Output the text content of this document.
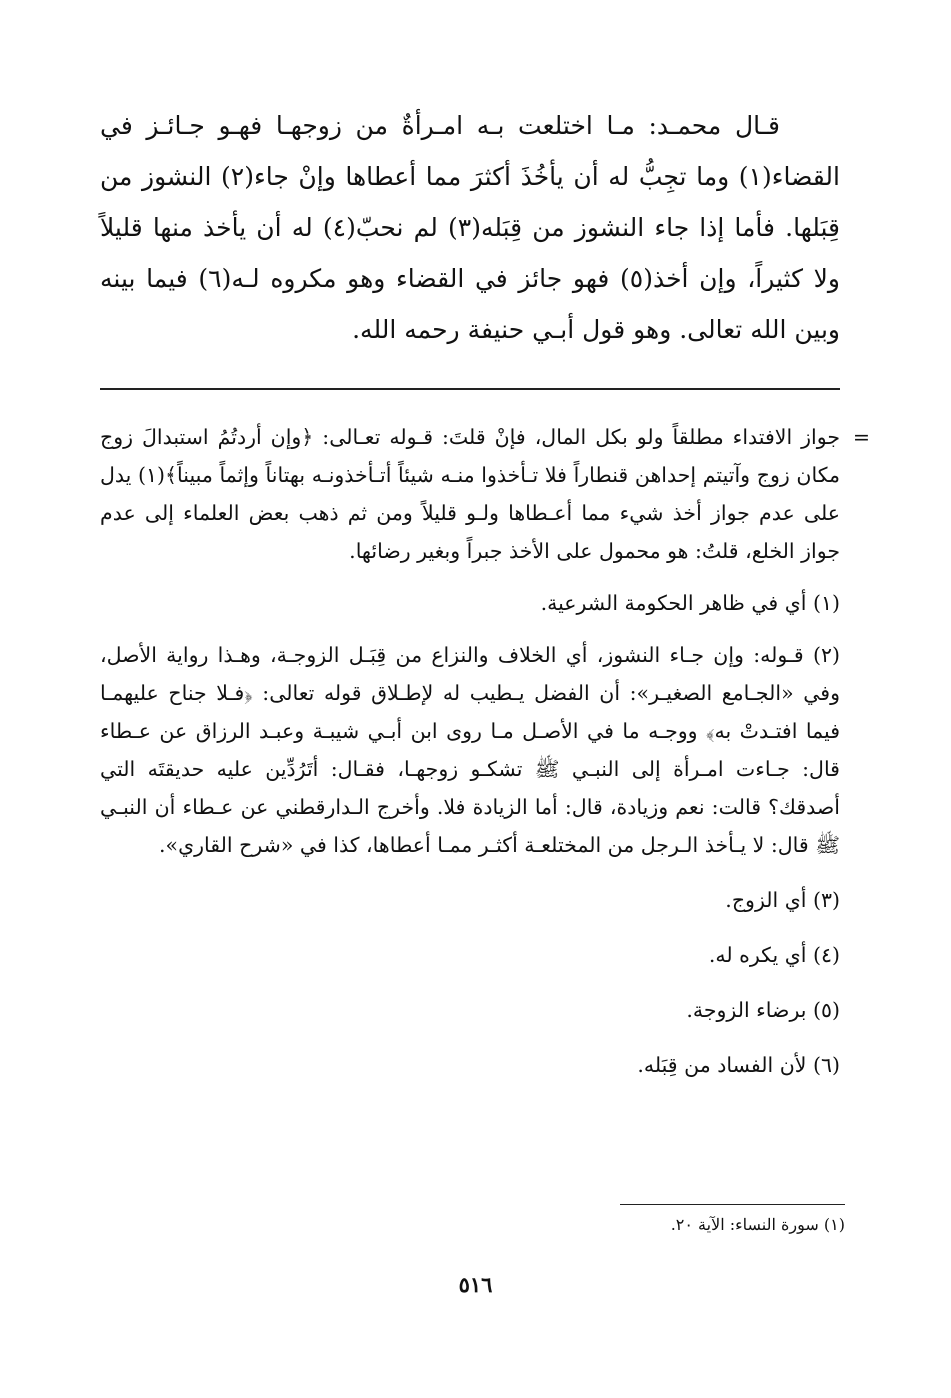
قـال محمـد: مـا اختلعت بـه امـرأةٌ من زوجهـا فهـو جـائـز في القضاء(١) وما تجِبُّ له أن يأخُذَ أكثرَ مما أعطاها وإنْ جاء(٢) النشوز من قِبَلها. فأما إذا جاء النشوز من قِبَله(٣) لم نحبّ(٤) له أن يأخذ منها قليلاً ولا كثيراً، وإن أخذ(٥) فهو جائز في القضاء وهو مكروه لـه(٦) فيما بينه وبين الله تعالى. وهو قول أبـي حنيفة رحمه الله.

=
جواز الافتداء مطلقاً ولو بكل المال، فإنْ قلتَ: قـوله تعـالى: ﴿وإن أردتُمُ استبدالَ زوج مكان زوج وآتيتم إحداهن قنطاراً فلا تـأخذوا منـه شيئاً أتـأخذونـه بهتاناً وإثماً مبيناً﴾(١) يدل على عدم جواز أخذ شيء مما أعـطاها ولـو قليلاً ومن ثم ذهب بعض العلماء إلى عدم جواز الخلع، قلتُ: هو محمول على الأخذ جبراً وبغير رضائها.

(١) أي في ظاهر الحكومة الشرعية.

(٢) قـوله: وإن جـاء النشوز، أي الخلاف والنزاع من قِبَـل الزوجـة، وهـذا رواية الأصل، وفي «الجـامع الصغيـر»: أن الفضل يـطيب له لإطـلاق قوله تعالى: ﴿فـلا جناح عليهمـا فيما افتـدتْ به﴾ ووجـه ما في الأصـل مـا روى ابن أبـي شيبـة وعبـد الرزاق عن عـطاء قال: جـاءت امـرأة إلى النبـي ﷺ تشكـو زوجهـا، فقـال: أتَرُدِّين عليه حديقتَه التي أصدقك؟ قالت: نعم وزيادة، قال: أما الزيادة فلا. وأخرج الـدارقطني عن عـطاء أن النبـي ﷺ قال: لا يـأخذ الـرجل من المختلعـة أكثـر ممـا أعطاها، كذا في «شرح القاري».

(٣) أي الزوج.

(٤) أي يكره له.

(٥) برضاء الزوجة.

(٦) لأن الفساد من قِبَله.

(١) سورة النساء: الآية ٢٠.
٥١٦
